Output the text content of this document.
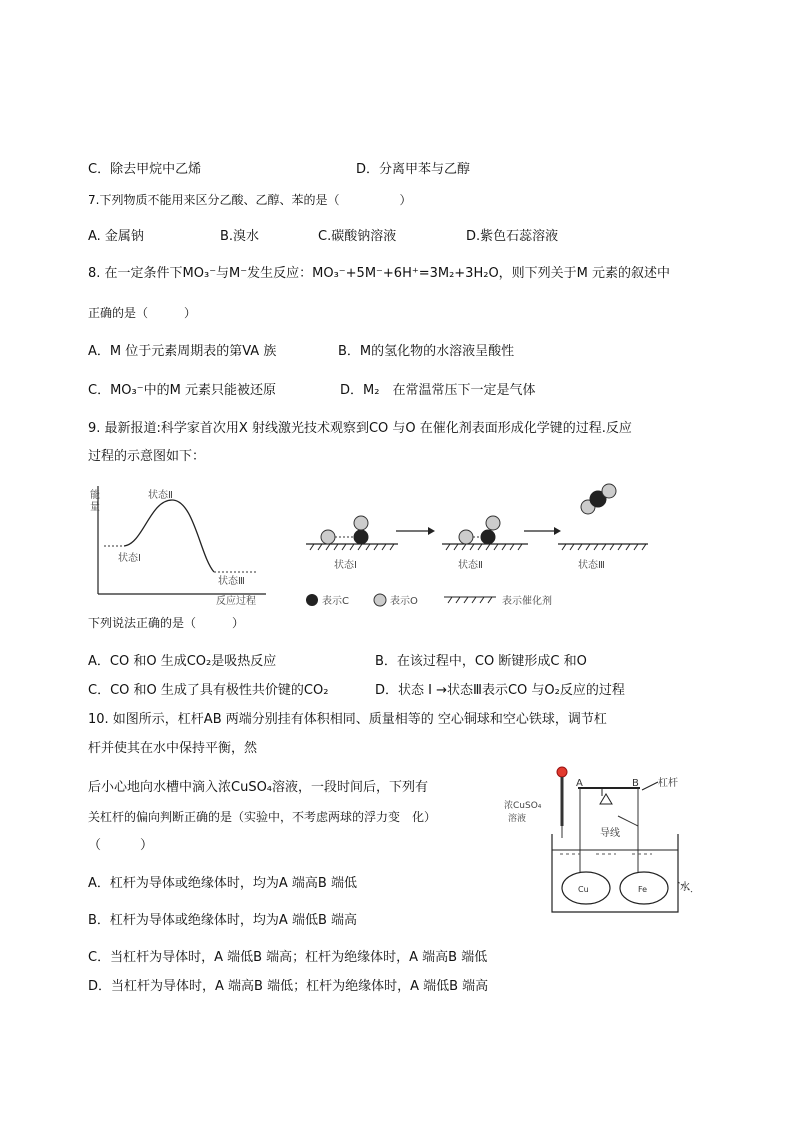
C．除去甲烷中乙烯	D．分离甲苯与乙醇
7.下列物质不能用来区分乙酸、乙醇、苯的是（　　　　　）
A. 金属钠	B.溴水	C.碳酸钠溶液	D.紫色石蕊溶液
8. 在一定条件下MO₃⁻与M⁻发生反应：MO₃⁻+5M⁻+6H⁺=3M₂+3H₂O，则下列关于M 元素的叙述中
正确的是（　　　）
A．M 位于元素周期表的第VA 族	B．M的氢化物的水溶液呈酸性
C．MO₃⁻中的M 元素只能被还原	D．M₂　在常温常压下一定是气体
9. 最新报道:科学家首次用X 射线激光技术观察到CO 与O 在催化剂表面形成化学键的过程.反应
过程的示意图如下：
能
量
状态Ⅱ
状态Ⅰ
状态Ⅲ
反应过程
状态Ⅰ	状态Ⅱ	状态Ⅲ
表示C	表示O	表示催化剂
下列说法正确的是（　　　）
A．CO 和O 生成CO₂是吸热反应	B．在该过程中，CO 断键形成C 和O
C．CO 和O 生成了具有极性共价键的CO₂	D．状态 I →状态Ⅲ表示CO 与O₂反应的过程
10. 如图所示，杠杆AB 两端分别挂有体积相同、质量相等的 空心铜球和空心铁球，调节杠
杆并使其在水中保持平衡，然
后小心地向水槽中滴入浓CuSO₄溶液，一段时间后，下列有
关杠杆的偏向判断正确的是（实验中，不考虑两球的浮力变　化）
（　　　）
浓CuSO₄
溶液
A	B 杠杆
导线
Cu	Fe	水
A．杠杆为导体或绝缘体时，均为A 端高B 端低
B．杠杆为导体或绝缘体时，均为A 端低B 端高
C．当杠杆为导体时，A 端低B 端高；杠杆为绝缘体时，A 端高B 端低
D．当杠杆为导体时，A 端高B 端低；杠杆为绝缘体时，A 端低B 端高
